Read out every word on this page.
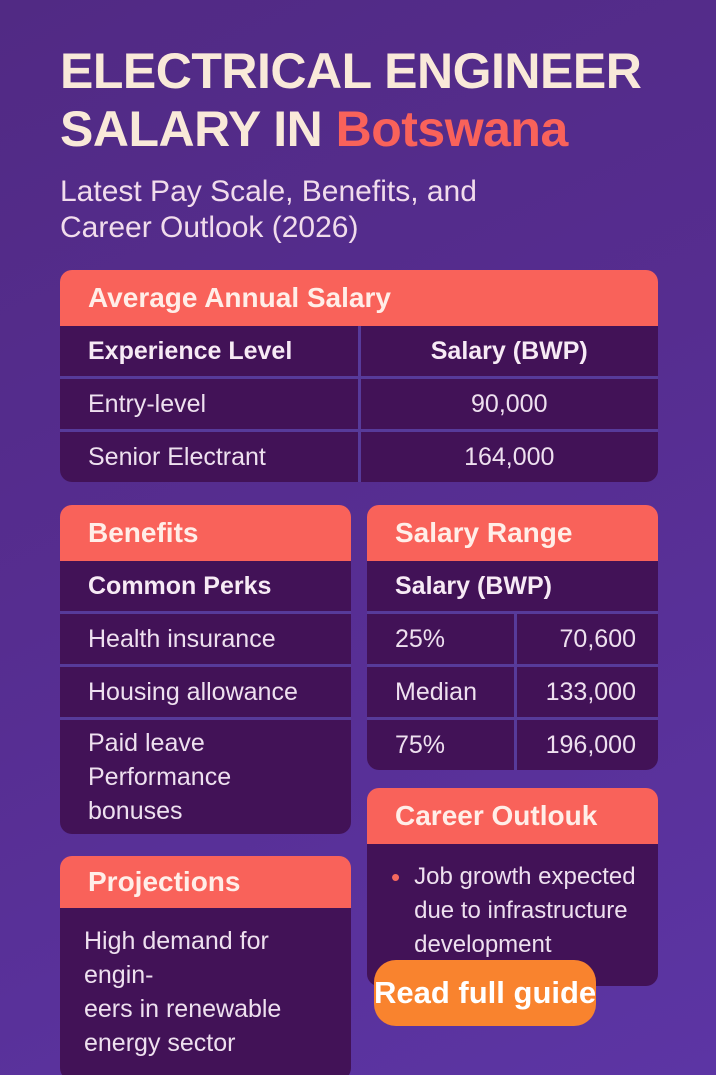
ELECTRICAL ENGINEER
SALARY IN Botswana

Latest Pay Scale, Benefits, and
Career Outlook (2026)

Average Annual Salary
Experience Level	Salary (BWP)
Entry-level	90,000
Senior Electrant	164,000
Benefits
Common Perks
Health insurance
Housing allowance
Paid leave
Performance bonuses
Projections
High demand for engin-
eers in renewable
energy sector
Salary Range
Salary (BWP)
25%	70,600
Median	133,000
75%	196,000
Career Outlouk
• Job growth expected
due to infrastructure
development
Read full guide
